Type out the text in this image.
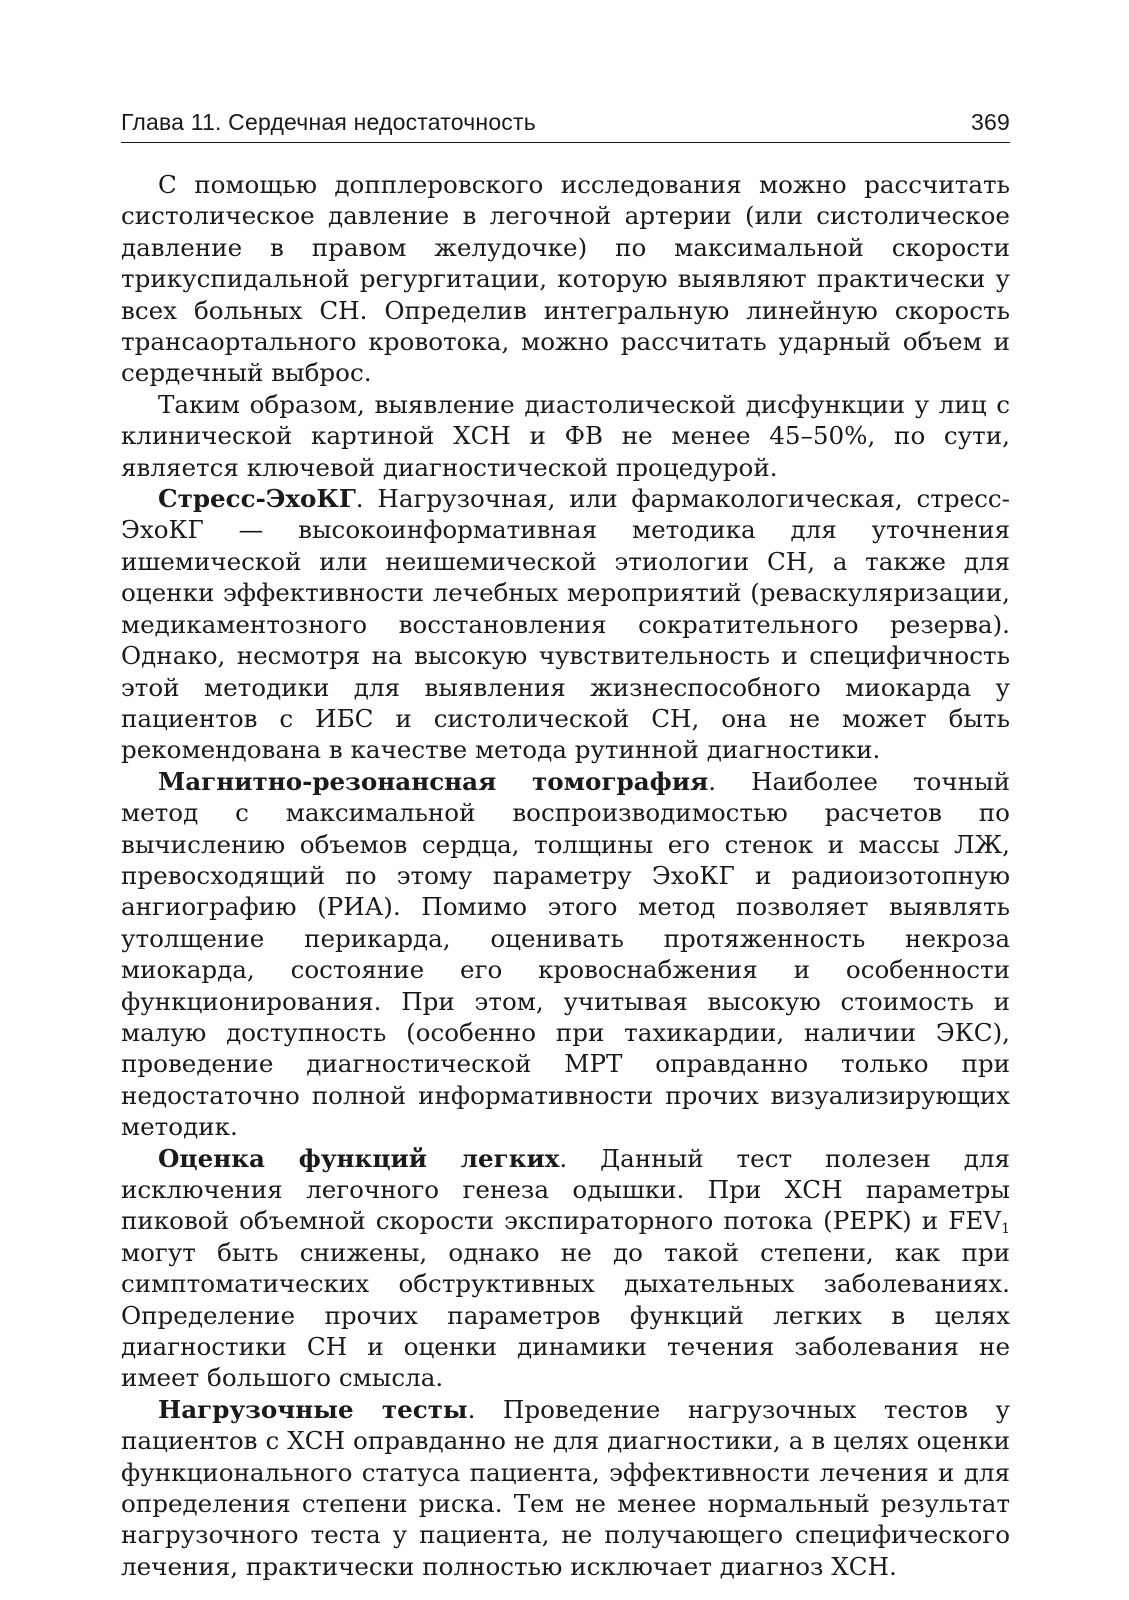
Глава 11. Сердечная недостаточность	369

С помощью допплеровского исследования можно рассчитать систолическое давление в легочной артерии (или систолическое давление в правом желудочке) по максимальной скорости трикуспидальной регургитации, которую выявляют практически у всех больных СН. Определив интегральную линейную скорость трансаортального кровотока, можно рассчитать ударный объем и сердечный выброс.

Таким образом, выявление диастолической дисфункции у лиц с клинической картиной ХСН и ФВ не менее 45–50%, по сути, является ключевой диагностической процедурой.

Стресс-ЭхоКГ. Нагрузочная, или фармакологическая, стресс-ЭхоКГ — высокоинформативная методика для уточнения ишемической или неишемической этиологии СН, а также для оценки эффективности лечебных мероприятий (реваскуляризации, медикаментозного восстановления сократительного резерва). Однако, несмотря на высокую чувствительность и специфичность этой методики для выявления жизнеспособного миокарда у пациентов с ИБС и систолической СН, она не может быть рекомендована в качестве метода рутинной диагностики.

Магнитно-резонансная томография. Наиболее точный метод с максимальной воспроизводимостью расчетов по вычислению объемов сердца, толщины его стенок и массы ЛЖ, превосходящий по этому параметру ЭхоКГ и радиоизотопную ангиографию (РИА). Помимо этого метод позволяет выявлять утолщение перикарда, оценивать протяженность некроза миокарда, состояние его кровоснабжения и особенности функционирования. При этом, учитывая высокую стоимость и малую доступность (особенно при тахикардии, наличии ЭКС), проведение диагностической МРТ оправданно только при недостаточно полной информативности прочих визуализирующих методик.

Оценка функций легких. Данный тест полезен для исключения легочного генеза одышки. При ХСН параметры пиковой объемной скорости экспираторного потока (PEPK) и $FEV_1$ могут быть снижены, однако не до такой степени, как при симптоматических обструктивных дыхательных заболеваниях. Определение прочих параметров функций легких в целях диагностики СН и оценки динамики течения заболевания не имеет большого смысла.

Нагрузочные тесты. Проведение нагрузочных тестов у пациентов с ХСН оправданно не для диагностики, а в целях оценки функционального статуса пациента, эффективности лечения и для определения степени риска. Тем не менее нормальный результат нагрузочного теста у пациента, не получающего специфического лечения, практически полностью исключает диагноз ХСН.
